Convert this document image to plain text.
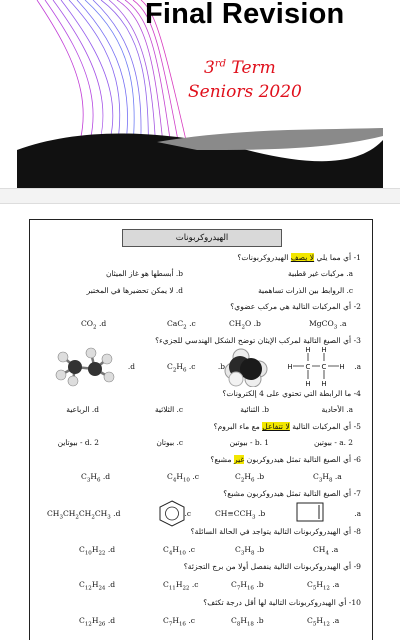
Final Revision
3rd Term
Seniors 2020
الهيدروكربونات
1- أي مما يلي لا يصف الهيدروكربونات؟
a. مركبات غير قطبية
b. أبسطها هو غاز الميثان
c. الروابط بين الذرات تساهمية
d. لا يمكن تحضيرها في المختبر
2- أي المركبات التالية هي مركب عضوي؟
MgCO$_3$ .a
$CH_2O$ .b
CaC$_2$ .c
$CO_2$ .d
3- أي الصيغ التالية لمركب الإيثان توضح الشكل الهندسي للجزيء؟
H	H
H H
H H
C C	a.
b.
$C_2H_6$ .c
d.
4- ما الرابطة التي تحتوي على 4 إلكترونات؟
a. الأحادية
b. الثنائية
c. الثلاثية
d. الرباعية
5- أي المركبات التالية لا تتفاعل مع ماء البروم؟
a. 2 - بيوتين
b. 1 - بيوتين
c. بيوتان
d. 2 - بيوتاين
6- أي الصيغ التالية تمثل هيدروكربون غير مشبع؟
$C_3H_8$ .a
$C_2H_6$ .b
$C_4H_{10}$ .c
$C_3H_6$ .d
7- أي الصيغ التالية تمثل هيدروكربون مشبع؟
a.
$CH\equiv CCH_3$ .b
c.
$CH_3CH_2CH_2CH_3$ .d
8- أي الهيدروكربونات التالية يتواجد في الحالة السائلة؟
$CH_4$ .a
$C_3H_8$ .b
$C_4H_{10}$ .c
$C_{10}H_{22}$ .d
9- أي الهيدروكربونات التالية ينفصل أولا من برج التجزئة؟
$C_5H_{12}$ .a
$C_7H_{16}$ .b
$C_{11}H_{22}$ .c
$C_{12}H_{24}$ .d
10- أي الهيدروكربونات التالية لها أقل درجة تكثف؟
$C_5H_{12}$ .a
$C_8H_{18}$ .b
$C_7H_{16}$ .c
$C_{12}H_{26}$ .d
